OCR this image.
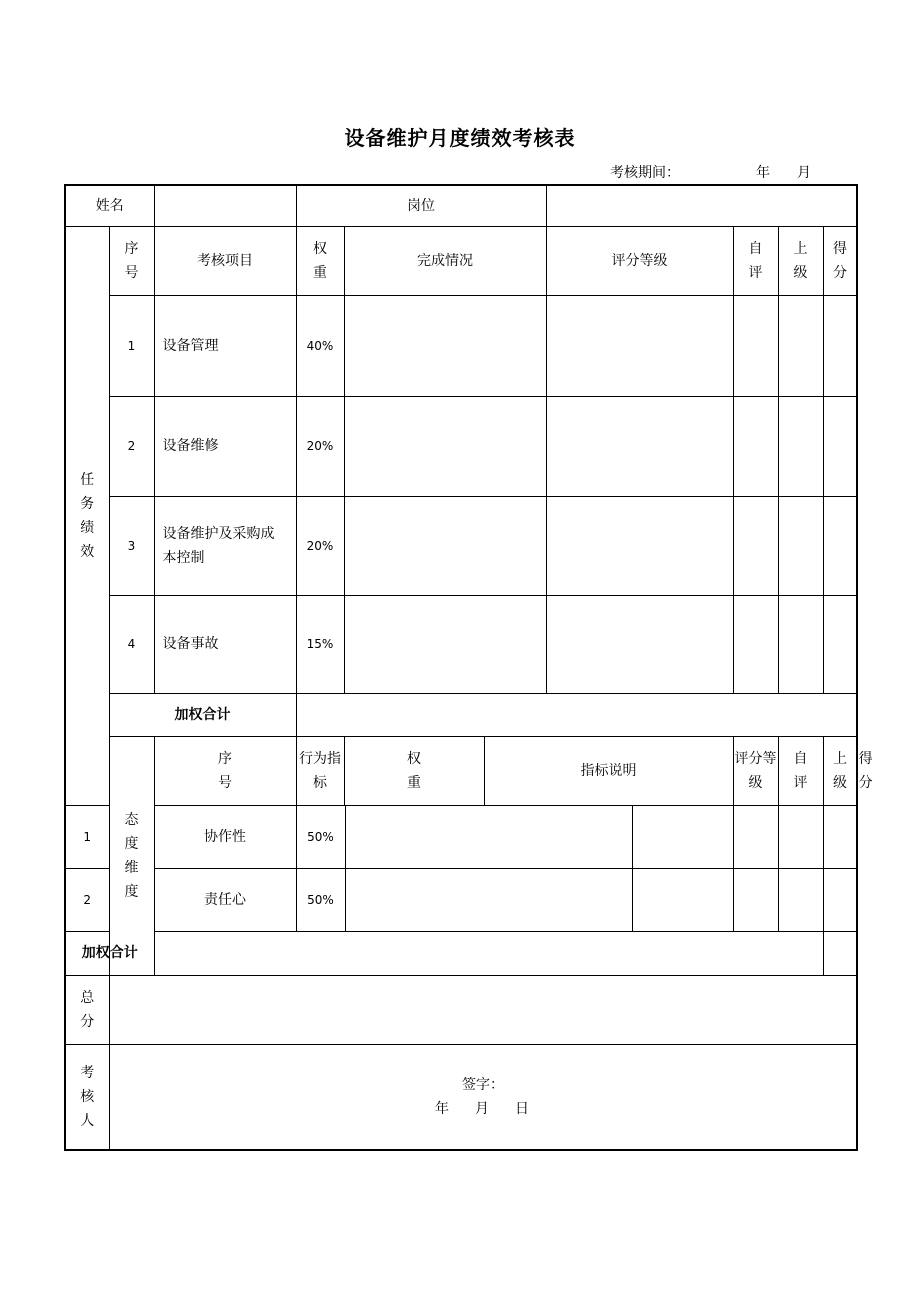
设备维护月度绩效考核表
考核期间：	年 月
姓名			岗位								
任务绩效	序号	考核项目	权重	完成情况		评分等级		自评	上级	得分	
	1	设备管理	40%								
	2	设备维修	20%								
	3	设备维护及采购成本控制	20%								
	4	设备事故	15%								
	加权合计										
	态度维度	序号	行为指标	权重	指标说明			评分等级	自评	上级	得分
1		协作性	50%								
2		责任心	50%								
加权合计											
总分											
考核人	签字：
年 月 日										
